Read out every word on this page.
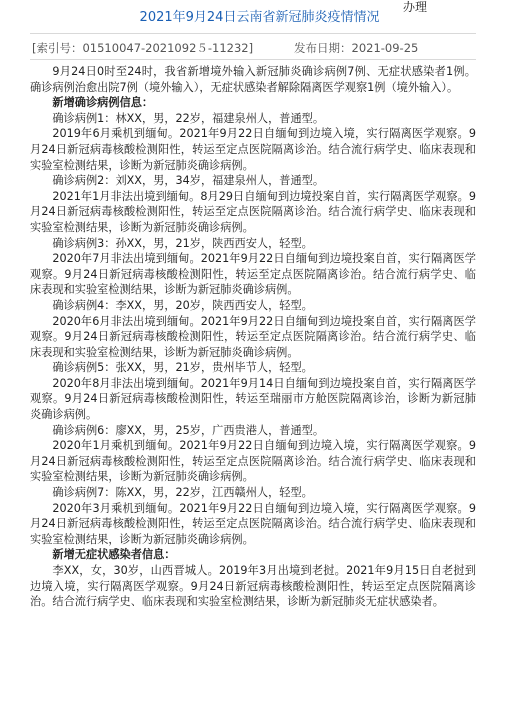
2021年9月24日云南省新冠肺炎疫情情况
办理
[索引号：01510047-2021092５-11232]	发布日期：2021-09-25

9月24日0时至24时，我省新增境外输入新冠肺炎确诊病例7例、无症状感染者1例。确诊病例治愈出院7例（境外输入），无症状感染者解除隔离医学观察1例（境外输入）。

新增确诊病例信息：

确诊病例1：林XX，男，22岁，福建泉州人，普通型。

2019年6月乘机到缅甸。2021年9月22日自缅甸到边境入境，实行隔离医学观察。9月24日新冠病毒核酸检测阳性，转运至定点医院隔离诊治。结合流行病学史、临床表现和实验室检测结果，诊断为新冠肺炎确诊病例。

确诊病例2：刘XX，男，34岁，福建泉州人，普通型。

2021年1月非法出境到缅甸。8月29日自缅甸到边境投案自首，实行隔离医学观察。9月24日新冠病毒核酸检测阳性，转运至定点医院隔离诊治。结合流行病学史、临床表现和实验室检测结果，诊断为新冠肺炎确诊病例。

确诊病例3：孙XX，男，21岁，陕西西安人，轻型。

2020年7月非法出境到缅甸。2021年9月22日自缅甸到边境投案自首，实行隔离医学观察。9月24日新冠病毒核酸检测阳性，转运至定点医院隔离诊治。结合流行病学史、临床表现和实验室检测结果，诊断为新冠肺炎确诊病例。

确诊病例4：李XX，男，20岁，陕西西安人，轻型。

2020年6月非法出境到缅甸。2021年9月22日自缅甸到边境投案自首，实行隔离医学观察。9月24日新冠病毒核酸检测阳性，转运至定点医院隔离诊治。结合流行病学史、临床表现和实验室检测结果，诊断为新冠肺炎确诊病例。

确诊病例5：张XX，男，21岁，贵州毕节人，轻型。

2020年8月非法出境到缅甸。2021年9月14日自缅甸到边境投案自首，实行隔离医学观察。9月24日新冠病毒核酸检测阳性，转运至瑞丽市方舱医院隔离诊治，诊断为新冠肺炎确诊病例。

确诊病例6：廖XX，男，25岁，广西贵港人，普通型。

2020年1月乘机到缅甸。2021年9月22日自缅甸到边境入境，实行隔离医学观察。9月24日新冠病毒核酸检测阳性，转运至定点医院隔离诊治。结合流行病学史、临床表现和实验室检测结果，诊断为新冠肺炎确诊病例。

确诊病例7：陈XX，男，22岁，江西赣州人，轻型。

2020年3月乘机到缅甸。2021年9月22日自缅甸到边境入境，实行隔离医学观察。9月24日新冠病毒核酸检测阳性，转运至定点医院隔离诊治。结合流行病学史、临床表现和实验室检测结果，诊断为新冠肺炎确诊病例。

新增无症状感染者信息：

李XX，女，30岁，山西晋城人。2019年3月出境到老挝。2021年9月15日自老挝到边境入境，实行隔离医学观察。9月24日新冠病毒核酸检测阳性，转运至定点医院隔离诊治。结合流行病学史、临床表现和实验室检测结果，诊断为新冠肺炎无症状感染者。
